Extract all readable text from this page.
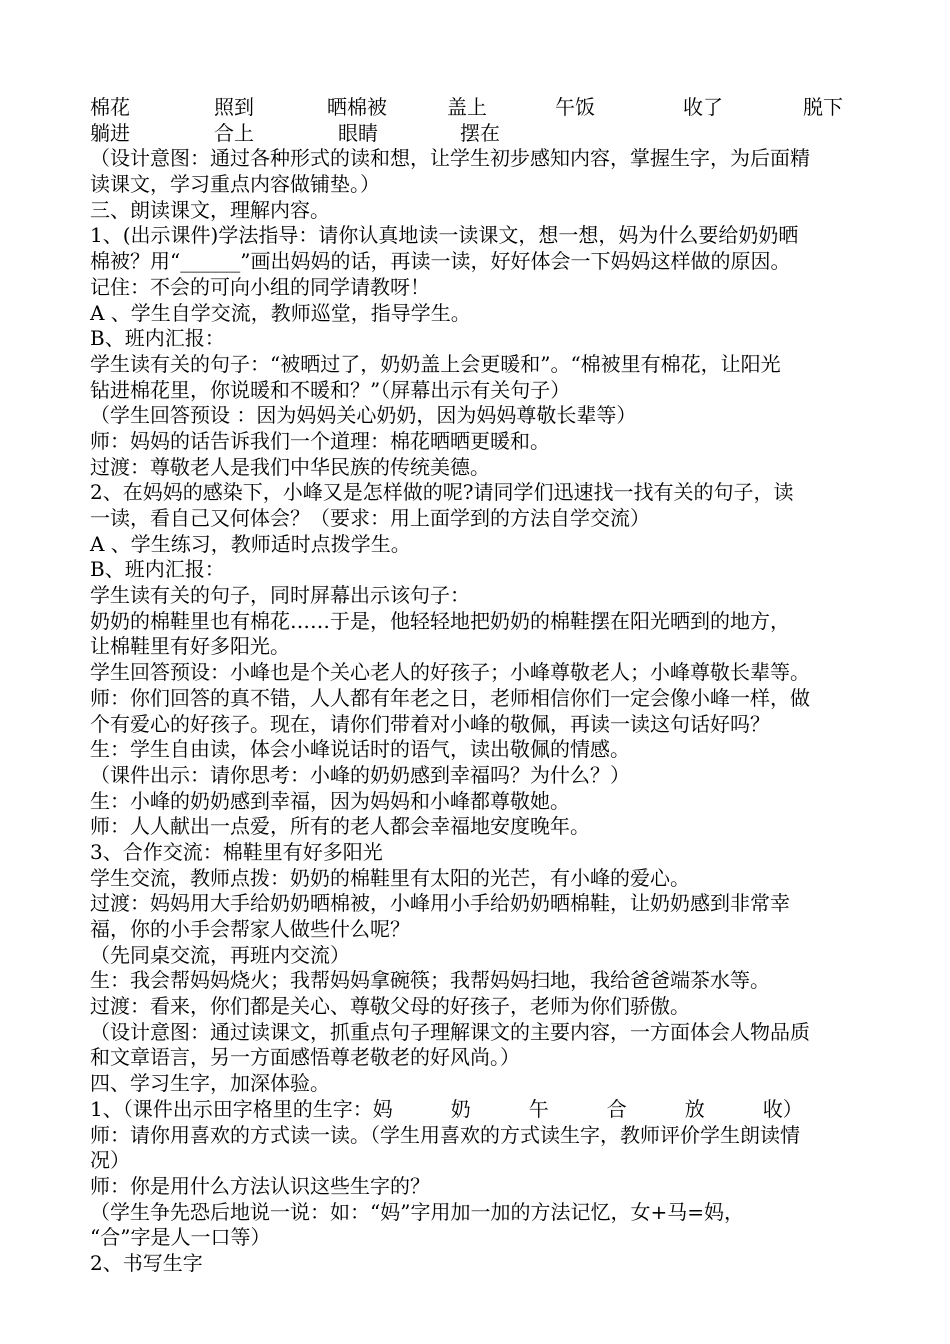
棉花	照到	晒棉被	盖上	午饭	收了	脱下
躺进	合上	眼睛	摆在
（设计意图：通过各种形式的读和想，让学生初步感知内容，掌握生字，为后面精
读课文，学习重点内容做铺垫。）
三、朗读课文，理解内容。
1、(出示课件)学法指导：请你认真地读一读课文，想一想，妈为什么要给奶奶晒
棉被？用“______”画出妈妈的话，再读一读，好好体会一下妈妈这样做的原因。
记住：不会的可向小组的同学请教呀！
A 、学生自学交流，教师巡堂，指导学生。
B、班内汇报：
学生读有关的句子：“被晒过了，奶奶盖上会更暖和”。“棉被里有棉花，让阳光
钻进棉花里，你说暖和不暖和？”（屏幕出示有关句子）
（学生回答预设 ：因为妈妈关心奶奶，因为妈妈尊敬长辈等）
师：妈妈的话告诉我们一个道理：棉花晒晒更暖和。
过渡：尊敬老人是我们中华民族的传统美德。
2、在妈妈的感染下，小峰又是怎样做的呢?请同学们迅速找一找有关的句子，读
一读，看自己又何体会？（要求：用上面学到的方法自学交流）
A 、学生练习，教师适时点拨学生。
B、班内汇报：
学生读有关的句子，同时屏幕出示该句子：
奶奶的棉鞋里也有棉花……于是，他轻轻地把奶奶的棉鞋摆在阳光晒到的地方，
让棉鞋里有好多阳光。
学生回答预设：小峰也是个关心老人的好孩子；小峰尊敬老人；小峰尊敬长辈等。
师：你们回答的真不错，人人都有年老之日，老师相信你们一定会像小峰一样，做
个有爱心的好孩子。现在，请你们带着对小峰的敬佩，再读一读这句话好吗？
生：学生自由读，体会小峰说话时的语气，读出敬佩的情感。
（课件出示：请你思考：小峰的奶奶感到幸福吗？为什么？）
生：小峰的奶奶感到幸福，因为妈妈和小峰都尊敬她。
师：人人献出一点爱，所有的老人都会幸福地安度晚年。
3、合作交流：棉鞋里有好多阳光
学生交流，教师点拨：奶奶的棉鞋里有太阳的光芒，有小峰的爱心。
过渡：妈妈用大手给奶奶晒棉被，小峰用小手给奶奶晒棉鞋，让奶奶感到非常幸
福，你的小手会帮家人做些什么呢？
（先同桌交流，再班内交流）
生：我会帮妈妈烧火；我帮妈妈拿碗筷；我帮妈妈扫地，我给爸爸端茶水等。
过渡：看来，你们都是关心、尊敬父母的好孩子，老师为你们骄傲。
（设计意图：通过读课文，抓重点句子理解课文的主要内容，一方面体会人物品质
和文章语言，另一方面感悟尊老敬老的好风尚。）
四、学习生字，加深体验。
1、（课件出示田字格里的生字：妈	奶	午	合	放	收）
师：请你用喜欢的方式读一读。（学生用喜欢的方式读生字，教师评价学生朗读情
况）
师：你是用什么方法认识这些生字的？
（学生争先恐后地说一说：如：“妈”字用加一加的方法记忆，女+马=妈，
“合”字是人一口等）
2、书写生字
